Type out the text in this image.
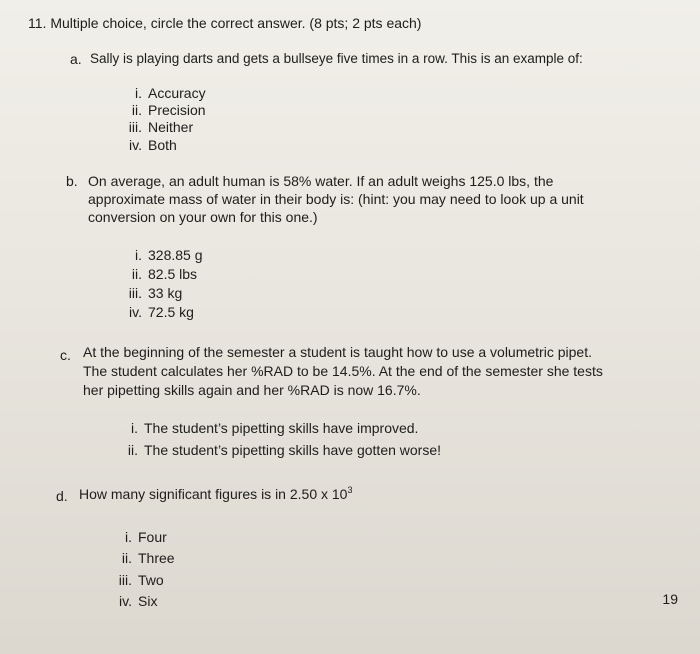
11. Multiple choice, circle the correct answer. (8 pts; 2 pts each)
a. Sally is playing darts and gets a bullseye five times in a row. This is an example of:
i. Accuracy
ii. Precision
iii. Neither
iv. Both
b. On average, an adult human is 58% water. If an adult weighs 125.0 lbs, the
approximate mass of water in their body is: (hint: you may need to look up a unit
conversion on your own for this one.)
i. 328.85 g
ii. 82.5 lbs
iii. 33 kg
iv. 72.5 kg
c. At the beginning of the semester a student is taught how to use a volumetric pipet.
The student calculates her %RAD to be 14.5%. At the end of the semester she tests
her pipetting skills again and her %RAD is now 16.7%.
i. The student’s pipetting skills have improved.
ii. The student’s pipetting skills have gotten worse!
d. How many significant figures is in 2.50 x $10^3$
i. Four
ii. Three
iii. Two
iv. Six	19
